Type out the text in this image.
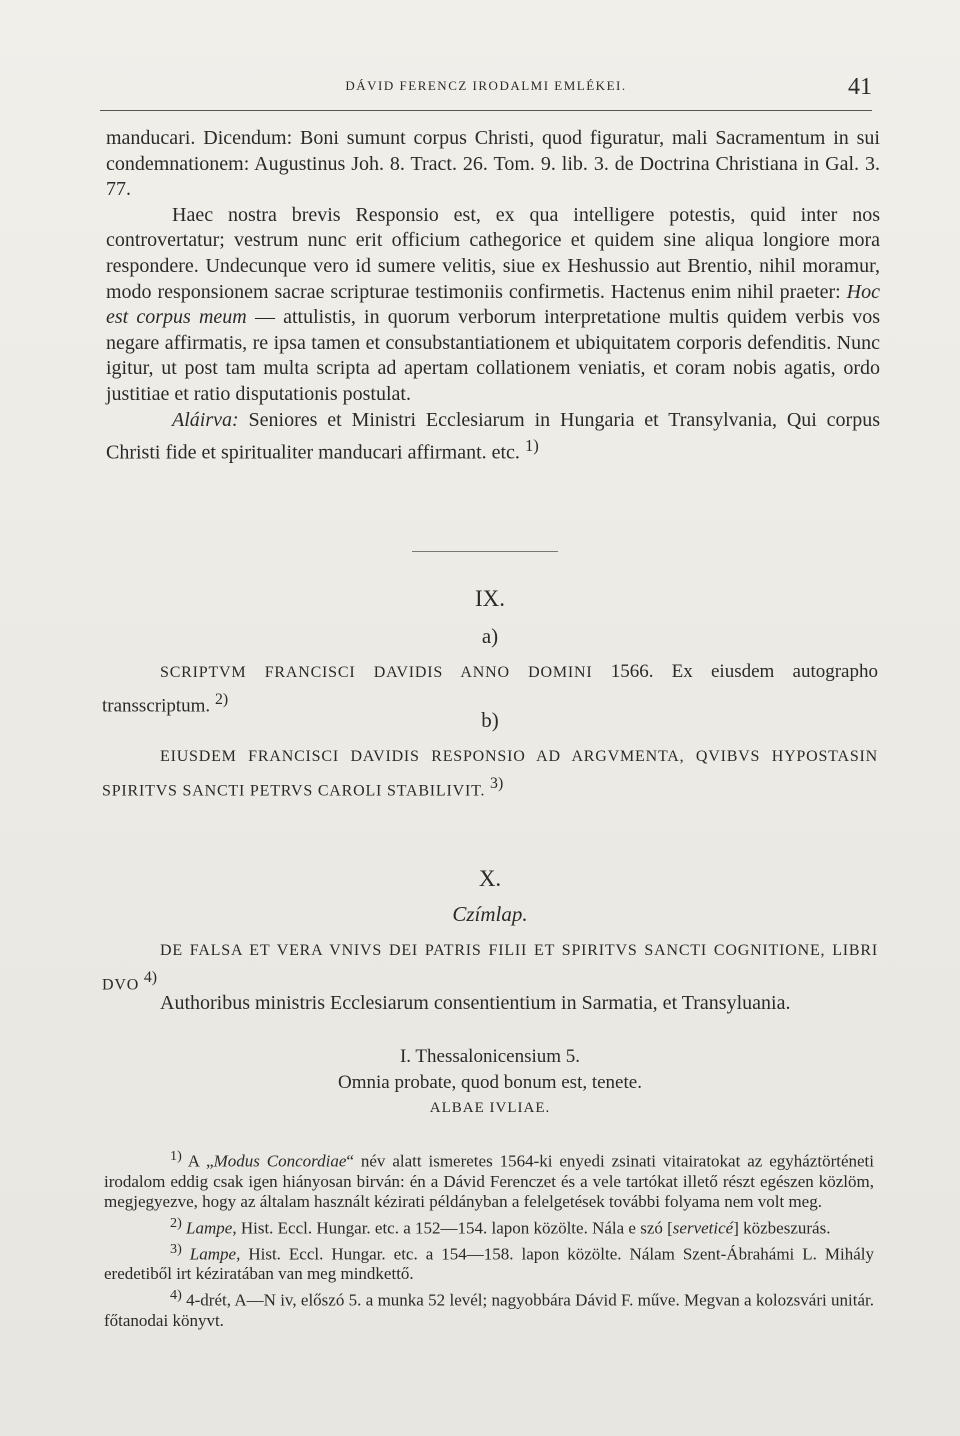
DÁVID FERENCZ IRODALMI EMLÉKEI.	41

manducari. Dicendum: Boni sumunt corpus Christi, quod figuratur, mali Sacramentum in sui condemnationem: Augustinus Joh. 8. Tract. 26. Tom. 9. lib. 3. de Doctrina Christiana in Gal. 3. 77.

Haec nostra brevis Responsio est, ex qua intelligere potestis, quid inter nos controvertatur; vestrum nunc erit officium cathegorice et quidem sine aliqua longiore mora respondere. Undecunque vero id sumere velitis, siue ex Heshussio aut Brentio, nihil moramur, modo responsionem sacrae scripturae testimoniis confirmetis. Hactenus enim nihil praeter: Hoc est corpus meum — attulistis, in quorum verborum interpretatione multis quidem verbis vos negare affirmatis, re ipsa tamen et consubstantiationem et ubiquitatem corporis defenditis. Nunc igitur, ut post tam multa scripta ad apertam collationem veniatis, et coram nobis agatis, ordo justitiae et ratio disputationis postulat.

Aláirva: Seniores et Ministri Ecclesiarum in Hungaria et Transylvania, Qui corpus Christi fide et spiritualiter manducari affirmant. etc. $^{1)}$

IX.
a)

SCRIPTVM FRANCISCI DAVIDIS ANNO DOMINI 1566. Ex eiusdem autographo transscriptum. $^{2)}$

b)

EIUSDEM FRANCISCI DAVIDIS RESPONSIO AD ARGVMENTA, QVIBVS HYPOSTASIN SPIRITVS SANCTI PETRVS CAROLI STABILIVIT. $^{3)}$

X.
Czímlap.

DE FALSA ET VERA VNIVS DEI PATRIS FILII ET SPIRITVS SANCTI COGNITIONE, LIBRI DVO $^{4)}$

Authoribus ministris Ecclesiarum consentientium in Sarmatia, et Transyluania.

I. Thessalonicensium 5.
Omnia probate, quod bonum est, tenete.
ALBAE IVLIAE.

$^{1)}$ A „Modus Concordiae“ név alatt ismeretes 1564-ki enyedi zsinati vitairatokat az egyháztörténeti irodalom eddig csak igen hiányosan birván: én a Dávid Ferenczet és a vele tartókat illető részt egészen közlöm, megjegyezve, hogy az általam használt kézirati példányban a felelgetések további folyama nem volt meg.

$^{2)}$ Lampe, Hist. Eccl. Hungar. etc. a 152—154. lapon közölte. Nála e szó [serveticé] közbeszurás.

$^{3)}$ Lampe, Hist. Eccl. Hungar. etc. a 154—158. lapon közölte. Nálam Szent-Ábrahámi L. Mihály eredetiből irt kéziratában van meg mindkettő.

$^{4)}$ 4-drét, A—N iv, előszó 5. a munka 52 levél; nagyobbára Dávid F. műve. Megvan a kolozsvári unitár. főtanodai könyvt.
